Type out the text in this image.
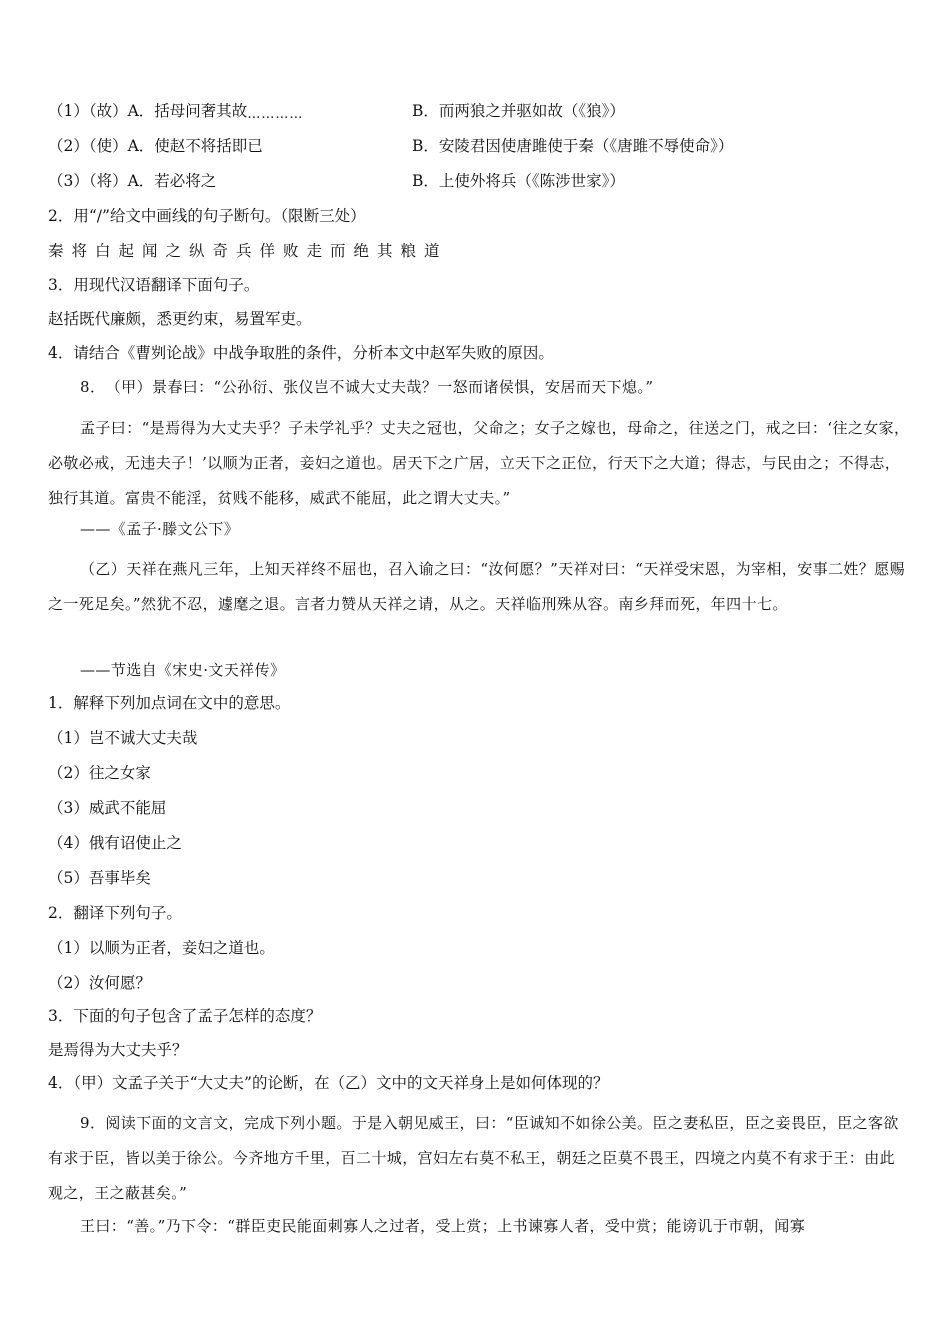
（1）（故）A．括母问奢其故…………	B．而两狼之并驱如故（《狼》）
（2）（使）A．使赵不将括即已	B．安陵君因使唐雎使于秦（《唐雎不辱使命》）
（3）（将）A．若必将之	B．上使外将兵（《陈涉世家》）
2．用“/”给文中画线的句子断句。（限断三处）
秦将白起闻之纵奇兵佯败走而绝其粮道
3．用现代汉语翻译下面句子。
赵括既代廉颇，悉更约束，易置军吏。
4．请结合《曹刿论战》中战争取胜的条件，分析本文中赵军失败的原因。
8．　（甲）景春曰：“公孙衍、张仪岂不诚大丈夫哉？一怒而诸侯惧，安居而天下熄。”
孟子曰：“是焉得为大丈夫乎？子未学礼乎？丈夫之冠也，父命之；女子之嫁也，母命之，往送之门，戒之曰：‘往之女家，必敬必戒，无违夫子！’以顺为正者，妾妇之道也。居天下之广居，立天下之正位，行天下之大道；得志，与民由之；不得志，独行其道。富贵不能淫，贫贱不能移，威武不能屈，此之谓大丈夫。”
——《孟子·滕文公下》
（乙）天祥在燕凡三年，上知天祥终不屈也，召入谕之曰：“汝何愿？”天祥对曰：“天祥受宋恩，为宰相，安事二姓？愿赐之一死足矣。”然犹不忍，遽麾之退。言者力赞从天祥之请，从之。天祥临刑殊从容。南乡拜而死，年四十七。
——节选自《宋史·文天祥传》
1．解释下列加点词在文中的意思。
（1）岂不诚大丈夫哉
（2）往之女家
（3）威武不能屈
（4）俄有诏使止之
（5）吾事毕矣
2．翻译下列句子。
（1）以顺为正者，妾妇之道也。
（2）汝何愿？
3．下面的句子包含了孟子怎样的态度？
是焉得为大丈夫乎？
4．（甲）文孟子关于“大丈夫”的论断，在（乙）文中的文天祥身上是如何体现的？
9．阅读下面的文言文，完成下列小题。于是入朝见威王，曰：“臣诚知不如徐公美。臣之妻私臣，臣之妾畏臣，臣之客欲有求于臣，皆以美于徐公。今齐地方千里，百二十城，宫妇左右莫不私王，朝廷之臣莫不畏王，四境之内莫不有求于王：由此观之，王之蔽甚矣。”
王曰：“善。”乃下令：“群臣吏民能面刺寡人之过者，受上赏；上书谏寡人者，受中赏；能谤讥于市朝，闻寡
